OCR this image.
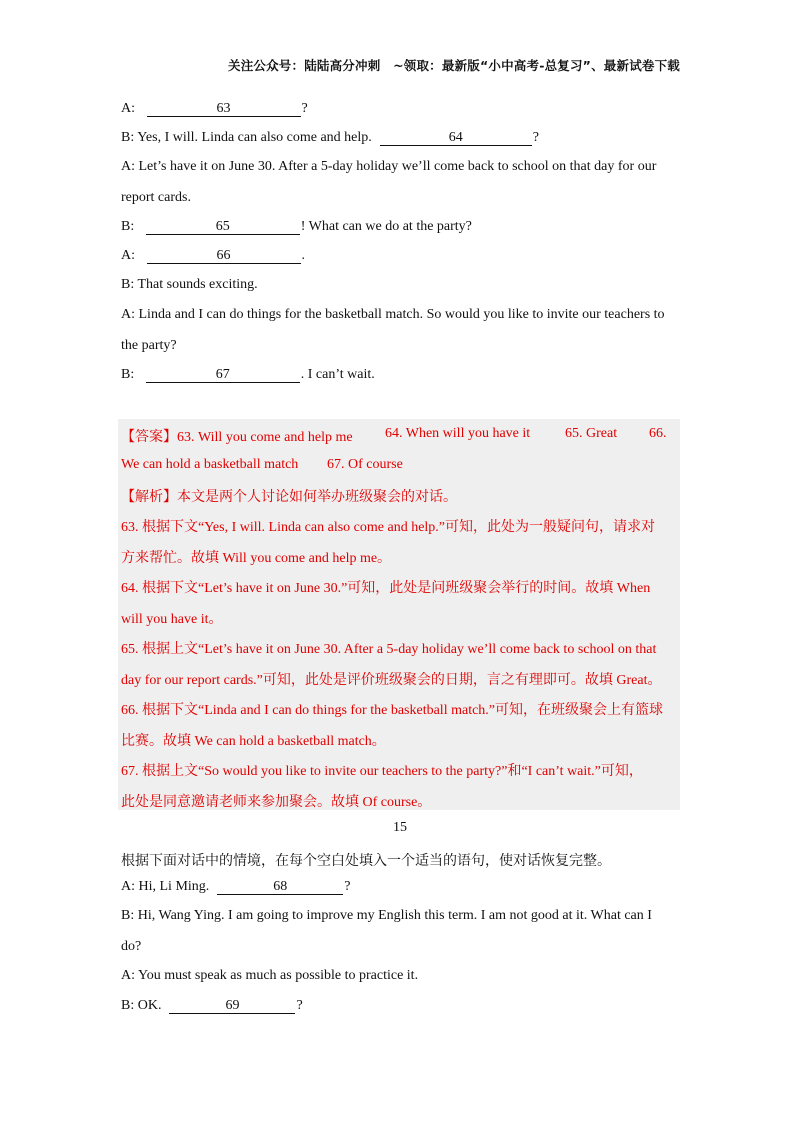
关注公众号：陆陆高分冲刺　~领取：最新版“小中高考-总复习”、最新试卷下载
A:	63	?
B: Yes, I will. Linda can also come and help.	64	?
A: Let’s have it on June 30. After a 5-day holiday we’ll come back to school on that day for our
report cards.
B:	65	! What can we do at the party?
A:	66	.
B: That sounds exciting.
A: Linda and I can do things for the basketball match. So would you like to invite our teachers to
the party?
B:	67	. I can’t wait.
【答案】63. Will you come and help me 64. When will you have it 65. Great 66.
We can hold a basketball match 67. Of course
【解析】本文是两个人讨论如何举办班级聚会的对话。
63. 根据下文“Yes, I will. Linda can also come and help.”可知，此处为一般疑问句，请求对
方来帮忙。故填 Will you come and help me。
64. 根据下文“Let’s have it on June 30.”可知，此处是问班级聚会举行的时间。故填 When
will you have it。
65. 根据上文“Let’s have it on June 30. After a 5-day holiday we’ll come back to school on that
day for our report cards.”可知，此处是评价班级聚会的日期，言之有理即可。故填 Great。
66. 根据下文“Linda and I can do things for the basketball match.”可知，在班级聚会上有篮球
比赛。故填 We can hold a basketball match。
67. 根据上文“So would you like to invite our teachers to the party?”和“I can’t wait.”可知，
此处是同意邀请老师来参加聚会。故填 Of course。
15
根据下面对话中的情境，在每个空白处填入一个适当的语句，使对话恢复完整。
A: Hi, Li Ming.	68	?
B: Hi, Wang Ying. I am going to improve my English this term. I am not good at it. What can I
do?
A: You must speak as much as possible to practice it.
B: OK.	69	?
